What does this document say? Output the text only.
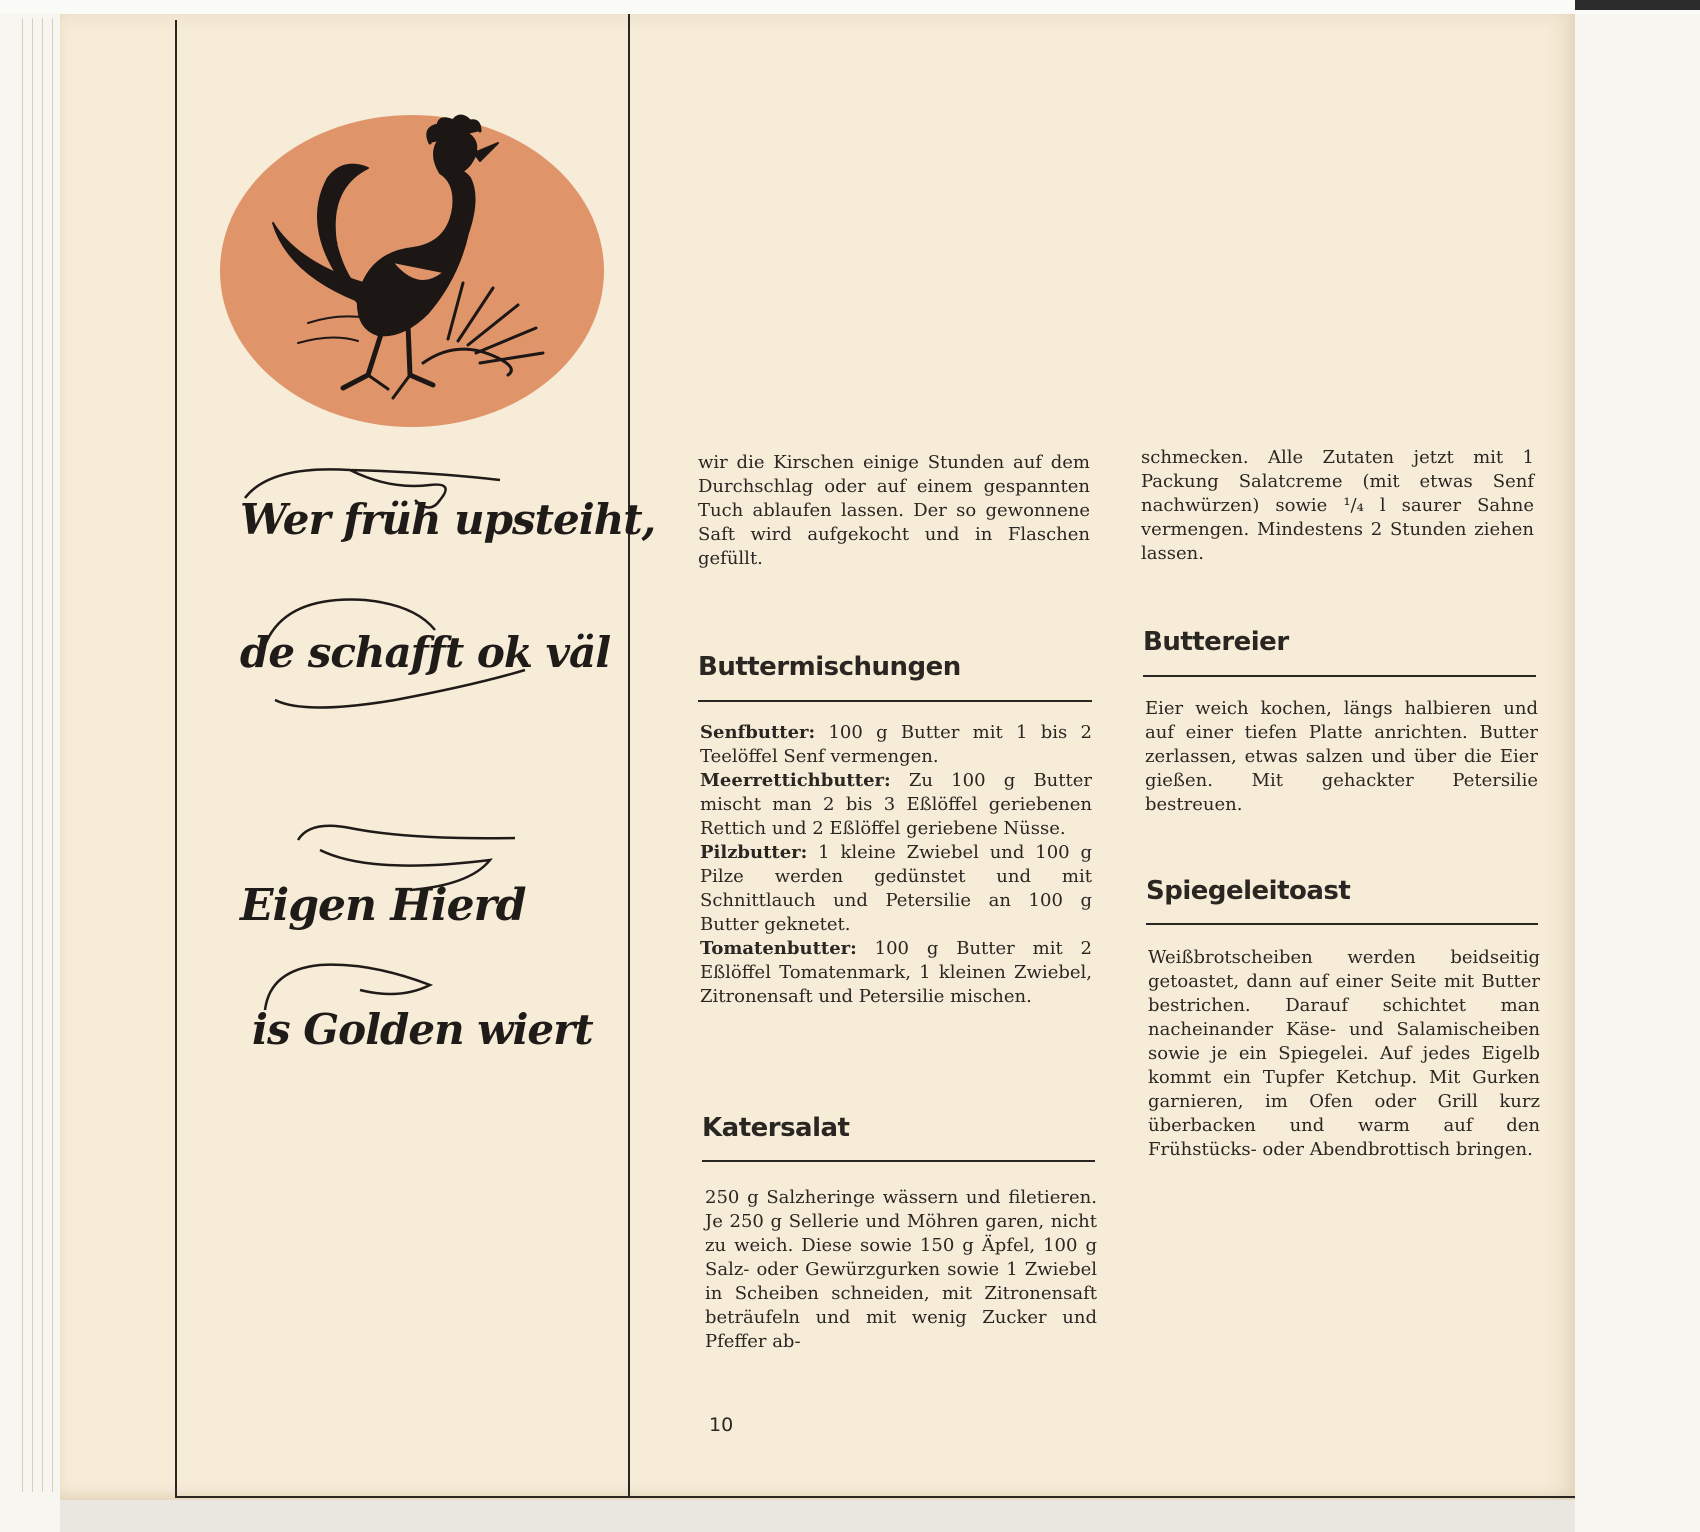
Wer früh upsteiht,
de schafft ok väl
Eigen Hierd
is Golden wiert

wir die Kirschen einige Stunden auf dem Durchschlag oder auf einem gespannten Tuch ablaufen lassen. Der so gewonnene Saft wird aufgekocht und in Flaschen gefüllt.

Buttermischungen

Senfbutter: 100 g Butter mit 1 bis 2 Teelöffel Senf vermengen.

Meerrettichbutter: Zu 100 g Butter mischt man 2 bis 3 Eßlöffel geriebenen Rettich und 2 Eßlöffel geriebene Nüsse.

Pilzbutter: 1 kleine Zwiebel und 100 g Pilze werden gedünstet und mit Schnittlauch und Petersilie an 100 g Butter geknetet.

Tomatenbutter: 100 g Butter mit 2 Eßlöffel Tomatenmark, 1 kleinen Zwiebel, Zitronensaft und Petersilie mischen.

Katersalat

250 g Salzheringe wässern und filetieren. Je 250 g Sellerie und Möhren garen, nicht zu weich. Diese sowie 150 g Äpfel, 100 g Salz- oder Gewürzgurken sowie 1 Zwiebel in Scheiben schneiden, mit Zitronensaft beträufeln und mit wenig Zucker und Pfeffer ab-

10

schmecken. Alle Zutaten jetzt mit 1 Packung Salatcreme (mit etwas Senf nachwürzen) sowie ¹/₄ l saurer Sahne vermengen. Mindestens 2 Stunden ziehen lassen.

Buttereier

Eier weich kochen, längs halbieren und auf einer tiefen Platte anrichten. Butter zerlassen, etwas salzen und über die Eier gießen. Mit gehackter Petersilie bestreuen.

Spiegeleitoast

Weißbrotscheiben werden beidseitig getoastet, dann auf einer Seite mit Butter bestrichen. Darauf schichtet man nacheinander Käse- und Salamischeiben sowie je ein Spiegelei. Auf jedes Eigelb kommt ein Tupfer Ketchup. Mit Gurken garnieren, im Ofen oder Grill kurz überbacken und warm auf den Frühstücks- oder Abendbrottisch bringen.
